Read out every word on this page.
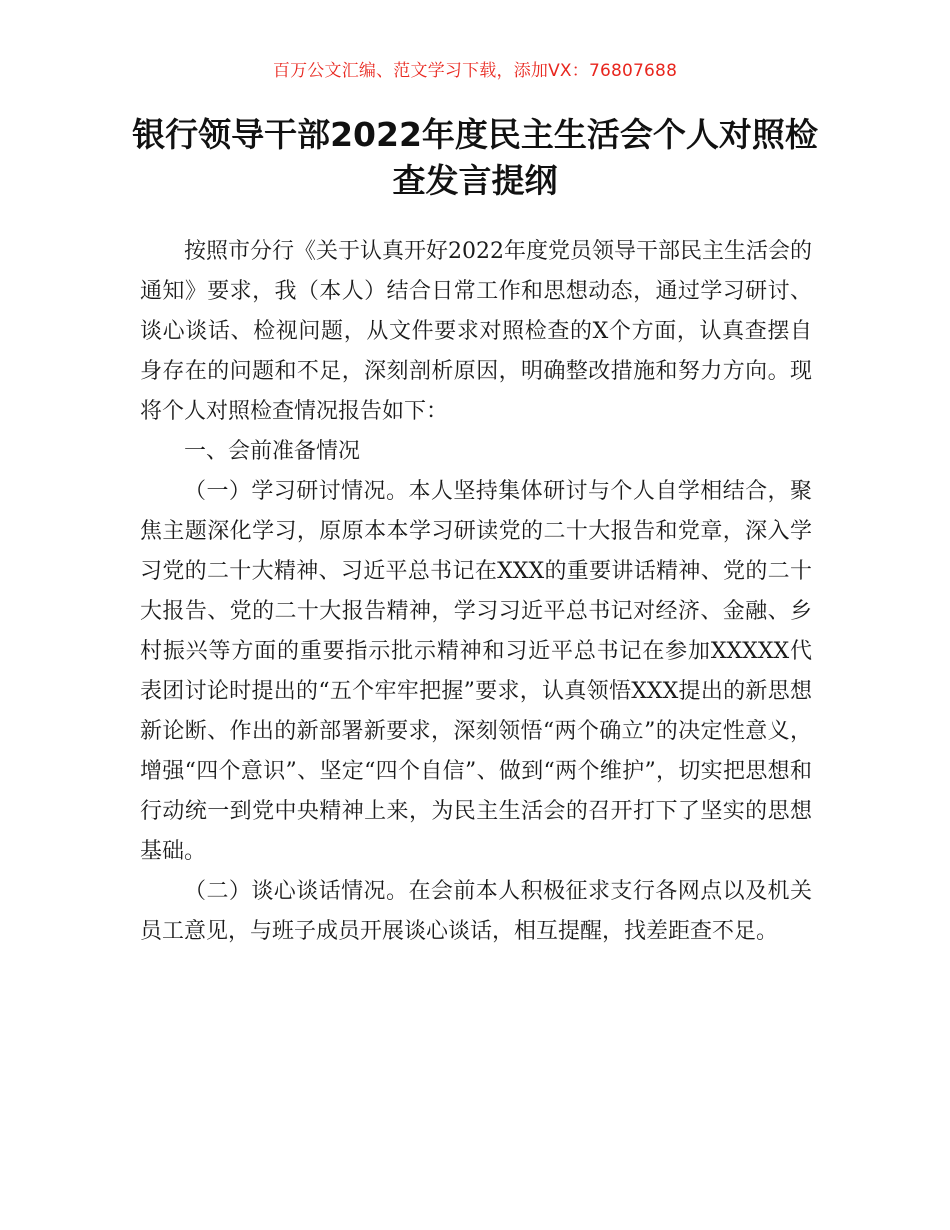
百万公文汇编、范文学习下载，添加VX：76807688
银行领导干部2022年度民主生活会个人对照检查发言提纲

按照市分行《关于认真开好2022年度党员领导干部民主生活会的通知》要求，我（本人）结合日常工作和思想动态，通过学习研讨、谈心谈话、检视问题，从文件要求对照检查的X个方面，认真查摆自身存在的问题和不足，深刻剖析原因，明确整改措施和努力方向。现将个人对照检查情况报告如下：

一、会前准备情况

（一）学习研讨情况。本人坚持集体研讨与个人自学相结合，聚焦主题深化学习，原原本本学习研读党的二十大报告和党章，深入学习党的二十大精神、习近平总书记在XXX的重要讲话精神、党的二十大报告、党的二十大报告精神，学习习近平总书记对经济、金融、乡村振兴等方面的重要指示批示精神和习近平总书记在参加XXXXX代表团讨论时提出的“五个牢牢把握”要求，认真领悟XXX提出的新思想新论断、作出的新部署新要求，深刻领悟“两个确立”的决定性意义，增强“四个意识”、坚定“四个自信”、做到“两个维护”，切实把思想和行动统一到党中央精神上来，为民主生活会的召开打下了坚实的思想基础。

（二）谈心谈话情况。在会前本人积极征求支行各网点以及机关员工意见，与班子成员开展谈心谈话，相互提醒，找差距查不足。
